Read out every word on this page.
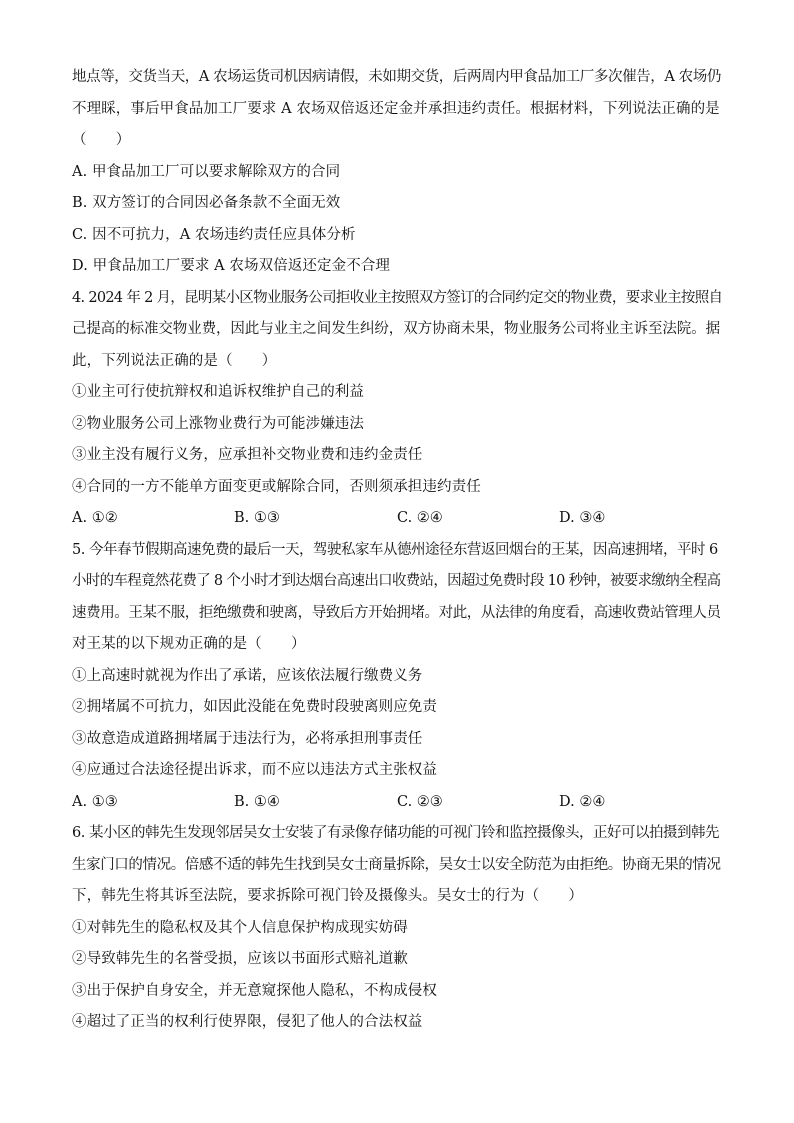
地点等，交货当天，A 农场运货司机因病请假，未如期交货，后两周内甲食品加工厂多次催告，A 农场仍
不理睬，事后甲食品加工厂要求 A 农场双倍返还定金并承担违约责任。根据材料，下列说法正确的是
（　　）
A. 甲食品加工厂可以要求解除双方的合同
B. 双方签订的合同因必备条款不全面无效
C. 因不可抗力，A 农场违约责任应具体分析
D. 甲食品加工厂要求 A 农场双倍返还定金不合理
4. 2024 年 2 月，昆明某小区物业服务公司拒收业主按照双方签订的合同约定交的物业费，要求业主按照自
己提高的标准交物业费，因此与业主之间发生纠纷，双方协商未果，物业服务公司将业主诉至法院。据
此，下列说法正确的是（　　）
①业主可行使抗辩权和追诉权维护自己的利益
②物业服务公司上涨物业费行为可能涉嫌违法
③业主没有履行义务，应承担补交物业费和违约金责任
④合同的一方不能单方面变更或解除合同，否则须承担违约责任
A. ①②	B. ①③	C. ②④	D. ③④
5. 今年春节假期高速免费的最后一天，驾驶私家车从德州途径东营返回烟台的王某，因高速拥堵，平时 6
小时的车程竟然花费了 8 个小时才到达烟台高速出口收费站，因超过免费时段 10 秒钟，被要求缴纳全程高
速费用。王某不服，拒绝缴费和驶离，导致后方开始拥堵。对此，从法律的角度看，高速收费站管理人员
对王某的以下规劝正确的是（　　）
①上高速时就视为作出了承诺，应该依法履行缴费义务
②拥堵属不可抗力，如因此没能在免费时段驶离则应免责
③故意造成道路拥堵属于违法行为，必将承担刑事责任
④应通过合法途径提出诉求，而不应以违法方式主张权益
A. ①③	B. ①④	C. ②③	D. ②④
6. 某小区的韩先生发现邻居吴女士安装了有录像存储功能的可视门铃和监控摄像头，正好可以拍摄到韩先
生家门口的情况。倍感不适的韩先生找到吴女士商量拆除，吴女士以安全防范为由拒绝。协商无果的情况
下，韩先生将其诉至法院，要求拆除可视门铃及摄像头。吴女士的行为（　　）
①对韩先生的隐私权及其个人信息保护构成现实妨碍
②导致韩先生的名誉受损，应该以书面形式赔礼道歉
③出于保护自身安全，并无意窥探他人隐私，不构成侵权
④超过了正当的权利行使界限，侵犯了他人的合法权益
